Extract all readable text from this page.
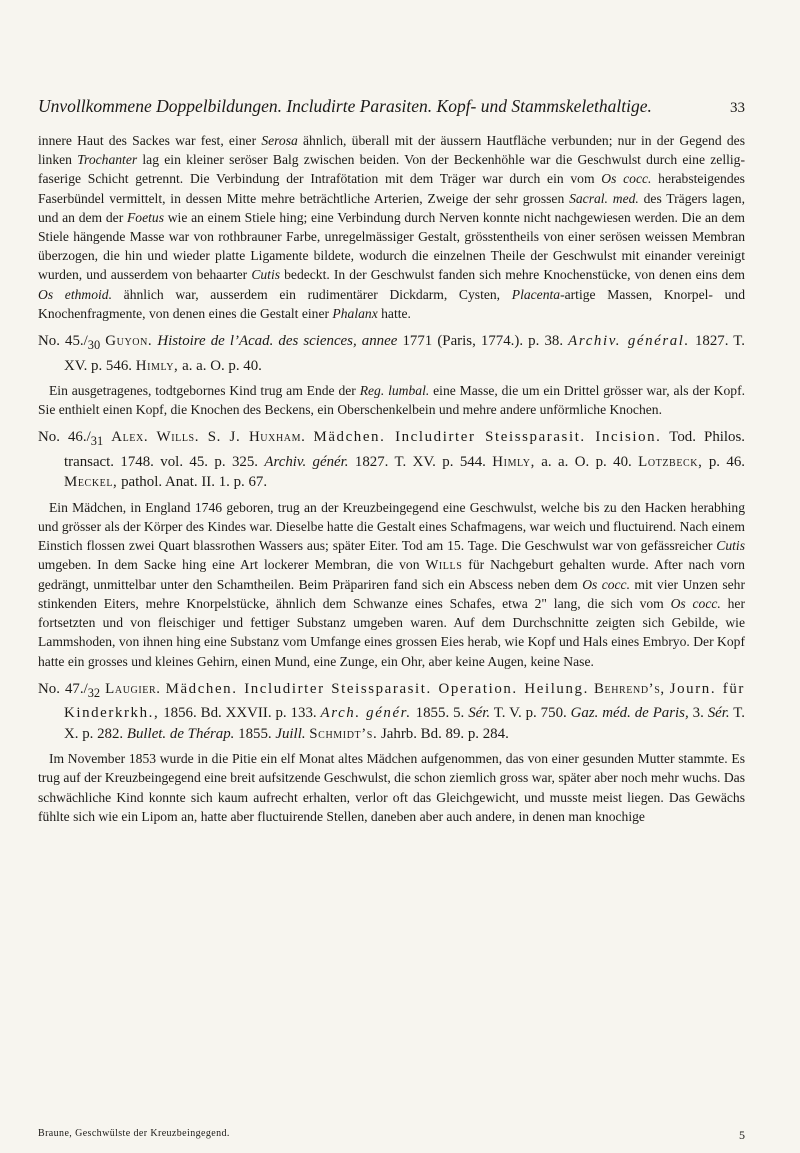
Unvollkommene Doppelbildungen. Includirte Parasiten. Kopf- und Stammskelethaltige.	33

innere Haut des Sackes war fest, einer Serosa ähnlich, überall mit der äussern Hautfläche verbunden; nur in der Gegend des linken Trochanter lag ein kleiner seröser Balg zwischen beiden. Von der Beckenhöhle war die Geschwulst durch eine zellig-faserige Schicht getrennt. Die Verbindung der Intrafötation mit dem Träger war durch ein vom Os cocc. herabsteigendes Faserbündel vermittelt, in dessen Mitte mehre beträchtliche Arterien, Zweige der sehr grossen Sacral. med. des Trägers lagen, und an dem der Foetus wie an einem Stiele hing; eine Verbindung durch Nerven konnte nicht nachgewiesen werden. Die an dem Stiele hängende Masse war von rothbrauner Farbe, unregelmässiger Gestalt, grösstentheils von einer serösen weissen Membran überzogen, die hin und wieder platte Ligamente bildete, wodurch die einzelnen Theile der Geschwulst mit einander vereinigt wurden, und ausserdem von behaarter Cutis bedeckt. In der Geschwulst fanden sich mehre Knochenstücke, von denen eins dem Os ethmoid. ähnlich war, ausserdem ein rudimentärer Dickdarm, Cysten, Placenta-artige Massen, Knorpel- und Knochenfragmente, von denen eines die Gestalt einer Phalanx hatte.

No. $45./_{30}$ Guyon. Histoire de l’Acad. des sciences, annee 1771 (Paris, 1774.). p. 38. Archiv. général. 1827. T. XV. p. 546. Himly, a. a. O. p. 40.

Ein ausgetragenes, todtgebornes Kind trug am Ende der Reg. lumbal. eine Masse, die um ein Drittel grösser war, als der Kopf. Sie enthielt einen Kopf, die Knochen des Beckens, ein Oberschenkelbein und mehre andere unförmliche Knochen.

No. $46./_{31}$ Alex. Wills. S. J. Huxham. Mädchen. Includirter Steissparasit. Incision. Tod. Philos. transact. 1748. vol. 45. p. 325. Archiv. génér. 1827. T. XV. p. 544. Himly, a. a. O. p. 40. Lotzbeck, p. 46. Meckel, pathol. Anat. II. 1. p. 67.

Ein Mädchen, in England 1746 geboren, trug an der Kreuzbeingegend eine Geschwulst, welche bis zu den Hacken herabhing und grösser als der Körper des Kindes war. Dieselbe hatte die Gestalt eines Schafmagens, war weich und fluctuirend. Nach einem Einstich flossen zwei Quart blassrothen Wassers aus; später Eiter. Tod am 15. Tage. Die Geschwulst war von gefässreicher Cutis umgeben. In dem Sacke hing eine Art lockerer Membran, die von Wills für Nachgeburt gehalten wurde. After nach vorn gedrängt, unmittelbar unter den Schamtheilen. Beim Präpariren fand sich ein Abscess neben dem Os cocc. mit vier Unzen sehr stinkenden Eiters, mehre Knorpelstücke, ähnlich dem Schwanze eines Schafes, etwa 2" lang, die sich vom Os cocc. her fortsetzten und von fleischiger und fettiger Substanz umgeben waren. Auf dem Durchschnitte zeigten sich Gebilde, wie Lammshoden, von ihnen hing eine Substanz vom Umfange eines grossen Eies herab, wie Kopf und Hals eines Embryo. Der Kopf hatte ein grosses und kleines Gehirn, einen Mund, eine Zunge, ein Ohr, aber keine Augen, keine Nase.

No. $47./_{32}$ Laugier. Mädchen. Includirter Steissparasit. Operation. Heilung. Behrend’s, Journ. für Kinderkrkh., 1856. Bd. XXVII. p. 133. Arch. génér. 1855. 5. Sér. T. V. p. 750. Gaz. méd. de Paris, 3. Sér. T. X. p. 282. Bullet. de Thérap. 1855. Juill. Schmidt’s. Jahrb. Bd. 89. p. 284.

Im November 1853 wurde in die Pitie ein elf Monat altes Mädchen aufgenommen, das von einer gesunden Mutter stammte. Es trug auf der Kreuzbeingegend eine breit aufsitzende Geschwulst, die schon ziemlich gross war, später aber noch mehr wuchs. Das schwächliche Kind konnte sich kaum aufrecht erhalten, verlor oft das Gleichgewicht, und musste meist liegen. Das Gewächs fühlte sich wie ein Lipom an, hatte aber fluctuirende Stellen, daneben aber auch andere, in denen man knochige

Braune, Geschwülste der Kreuzbeingegend.	5
